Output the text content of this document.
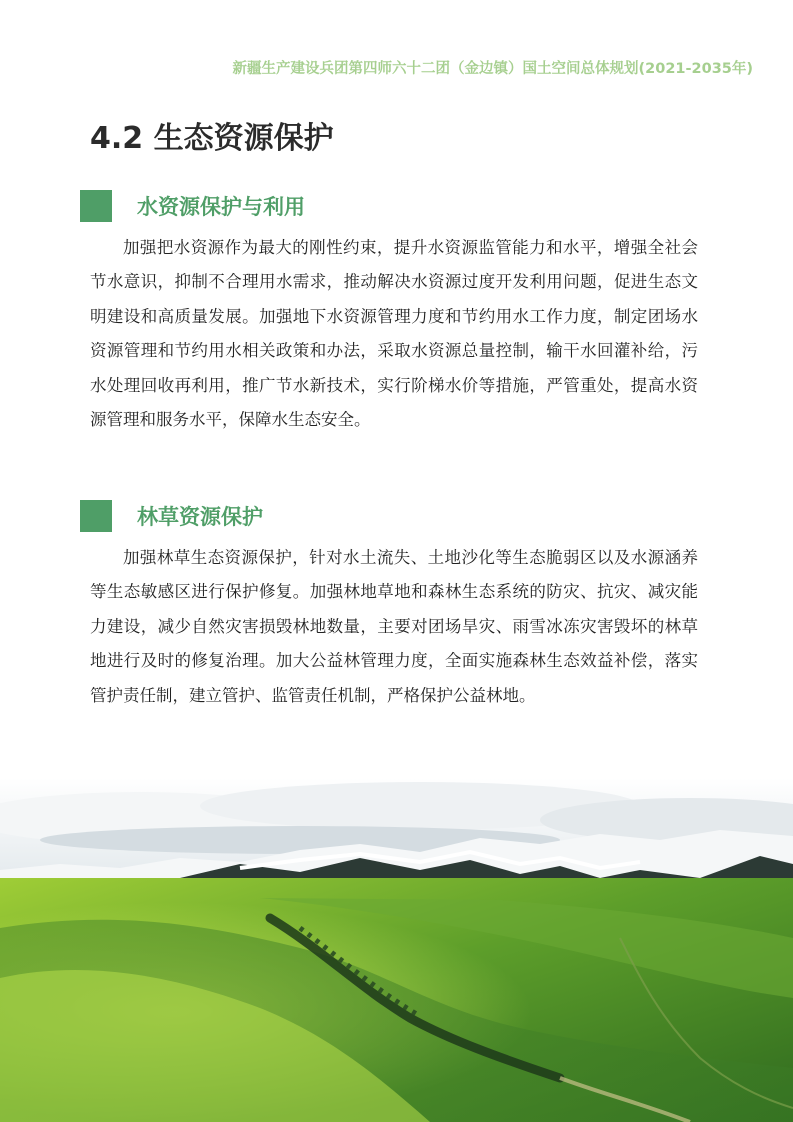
新疆生产建设兵团第四师六十二团（金边镇）国土空间总体规划(2021-2035年)
4.2 生态资源保护
水资源保护与利用

加强把水资源作为最大的刚性约束，提升水资源监管能力和水平，增强全社会节水意识，抑制不合理用水需求，推动解决水资源过度开发利用问题，促进生态文明建设和高质量发展。加强地下水资源管理力度和节约用水工作力度，制定团场水资源管理和节约用水相关政策和办法，采取水资源总量控制，输干水回灌补给，污水处理回收再利用，推广节水新技术，实行阶梯水价等措施，严管重处，提高水资源管理和服务水平，保障水生态安全。

林草资源保护

加强林草生态资源保护，针对水土流失、土地沙化等生态脆弱区以及水源涵养等生态敏感区进行保护修复。加强林地草地和森林生态系统的防灾、抗灾、减灾能力建设，减少自然灾害损毁林地数量，主要对团场旱灾、雨雪冰冻灾害毁坏的林草地进行及时的修复治理。加大公益林管理力度，全面实施森林生态效益补偿，落实管护责任制，建立管护、监管责任机制，严格保护公益林地。
